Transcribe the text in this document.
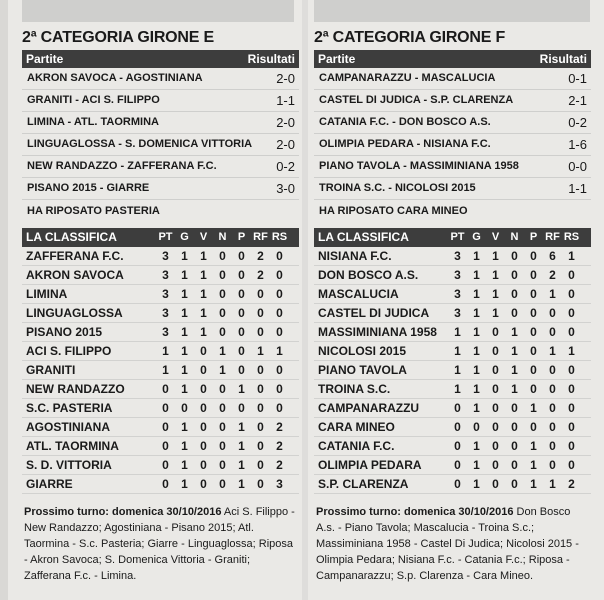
2ª CATEGORIA GIRONE E
Partite	Risultati
AKRON SAVOCA - AGOSTINIANA	2-0
GRANITI - ACI S. FILIPPO	1-1
LIMINA - ATL. TAORMINA	2-0
LINGUAGLOSSA - S. DOMENICA VITTORIA 2-0
NEW RANDAZZO - ZAFFERANA F.C.	0-2
PISANO 2015 - GIARRE	3-0
HA RIPOSATO PASTERIA
LA CLASSIFICA	PT G	V	N	P RF RS
ZAFFERANA F.C.	3	1	1	0	0	2	0
AKRON SAVOCA	3	1	1	0	0	2	0
LIMINA	3	1	1	0	0	0	0
LINGUAGLOSSA	3	1	1	0	0	0	0
PISANO 2015	3	1	1	0	0	0	0
ACI S. FILIPPO	1	1	0	1	0	1	1
GRANITI	1	1	0	1	0	0	0
NEW RANDAZZO	0	1	0	0	1	0	0
S.C. PASTERIA	0	0	0	0	0	0	0
AGOSTINIANA	0	1	0	0	1	0	2
ATL. TAORMINA	0	1	0	0	1	0	2
S. D. VITTORIA	0	1	0	0	1	0	2
GIARRE	0	1	0	0	1	0	3
Prossimo turno: domenica 30/10/2016 Aci S. Filippo - New Randazzo; Agostiniana - Pisano 2015; Atl. Taormina - S.c. Pasteria; Giarre - Linguaglossa; Riposa - Akron Savoca; S. Domenica Vittoria - Graniti; Zafferana F.c. - Limina.
2ª CATEGORIA GIRONE F
Partite	Risultati
CAMPANARAZZU - MASCALUCIA	0-1
CASTEL DI JUDICA - S.P. CLARENZA	2-1
CATANIA F.C. - DON BOSCO A.S.	0-2
OLIMPIA PEDARA - NISIANA F.C.	1-6
PIANO TAVOLA - MASSIMINIANA 1958	0-0
TROINA S.C. - NICOLOSI 2015	1-1
HA RIPOSATO CARA MINEO
LA CLASSIFICA	PT G	V	N	P RF RS
NISIANA F.C.	3	1	1	0	0	6	1
DON BOSCO A.S.	3	1	1	0	0	2	0
MASCALUCIA	3	1	1	0	0	1	0
CASTEL DI JUDICA	3	1	1	0	0	0	0
MASSIMINIANA 1958	1	1	0	1	0	0	0
NICOLOSI 2015	1	1	0	1	0	1	1
PIANO TAVOLA	1	1	0	1	0	0	0
TROINA S.C.	1	1	0	1	0	0	0
CAMPANARAZZU	0	1	0	0	1	0	0
CARA MINEO	0	0	0	0	0	0	0
CATANIA F.C.	0	1	0	0	1	0	0
OLIMPIA PEDARA	0	1	0	0	1	0	0
S.P. CLARENZA	0	1	0	0	1	1	2
Prossimo turno: domenica 30/10/2016 Don Bosco A.s. - Piano Tavola; Mascalucia - Troina S.c.; Massiminiana 1958 - Castel Di Judica; Nicolosi 2015 - Olimpia Pedara; Nisiana F.c. - Catania F.c.; Riposa - Campanarazzu; S.p. Clarenza - Cara Mineo.
